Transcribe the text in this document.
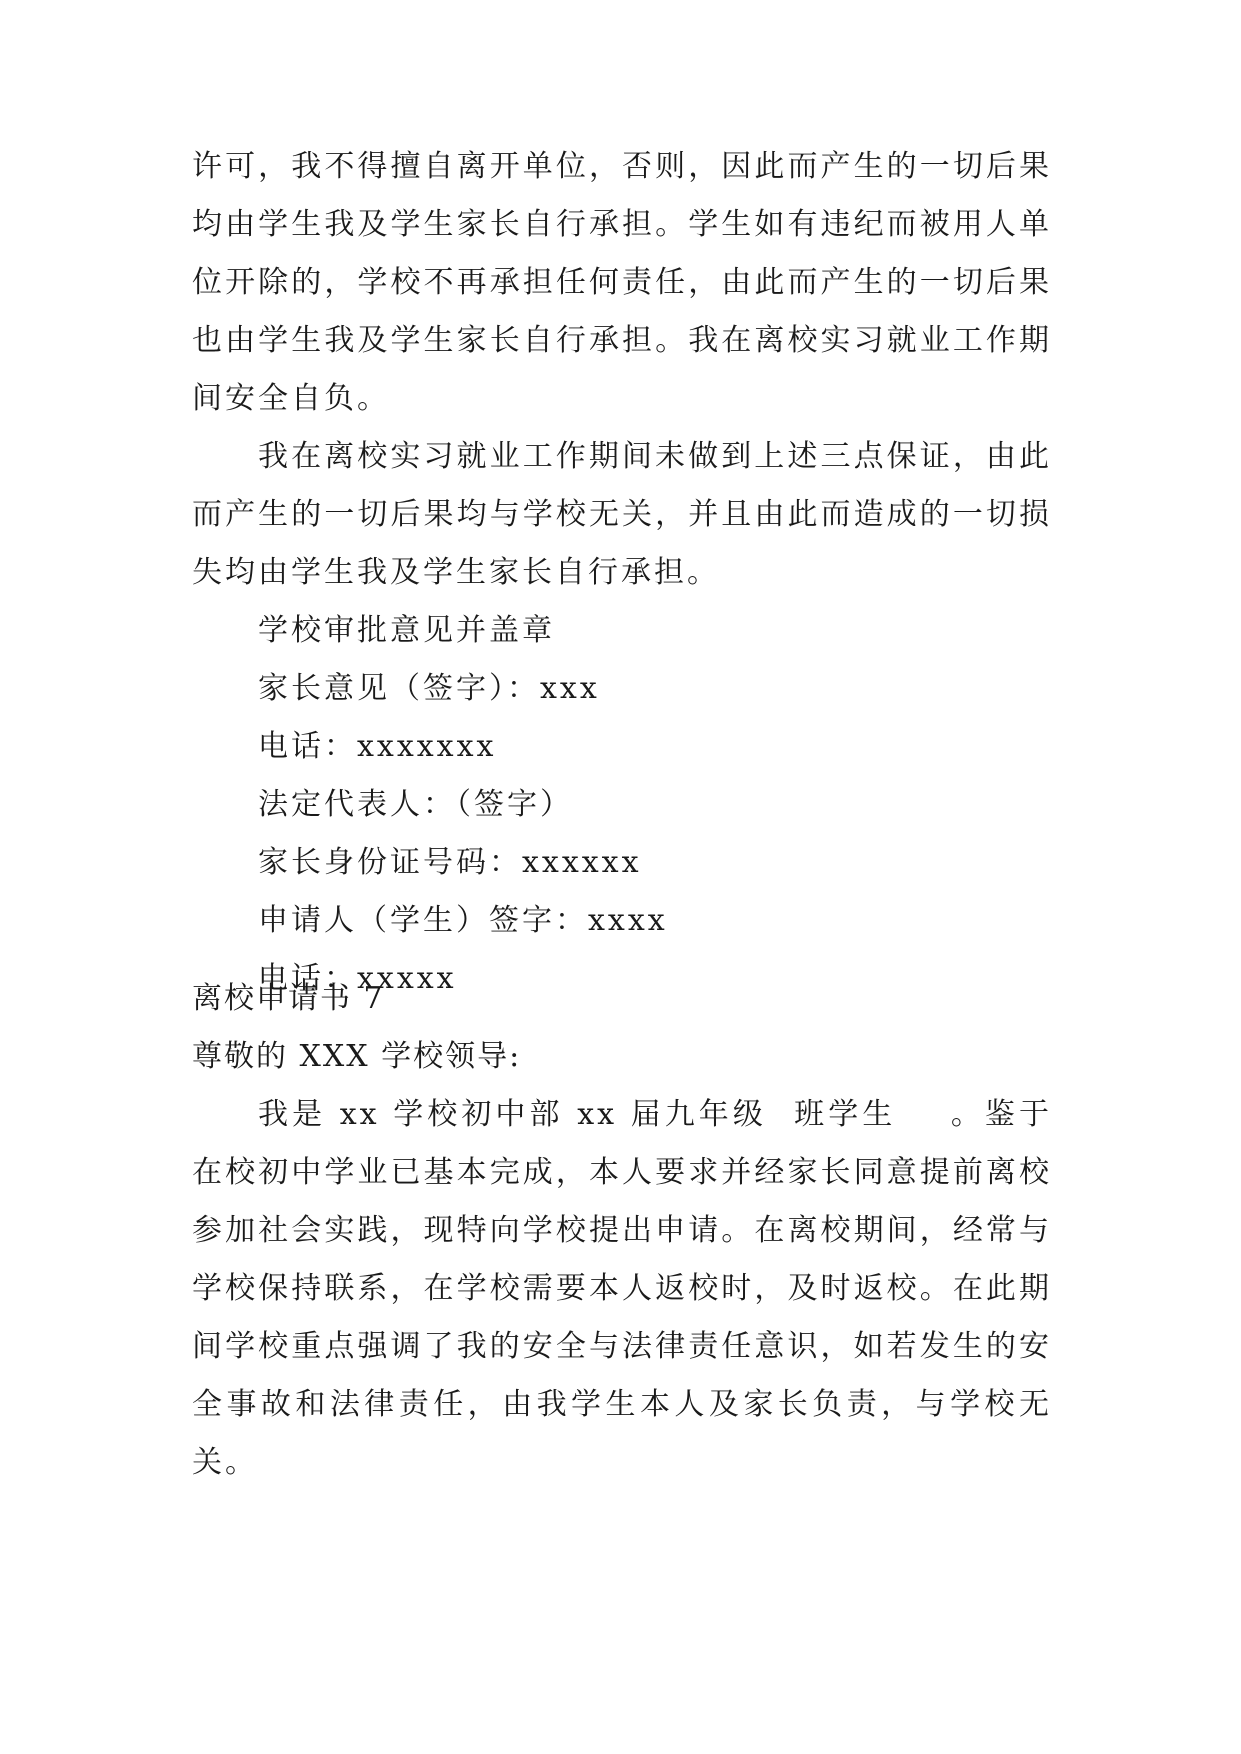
许可，我不得擅自离开单位，否则，因此而产生的一切后果均由学生我及学生家长自行承担。学生如有违纪而被用人单位开除的，学校不再承担任何责任，由此而产生的一切后果也由学生我及学生家长自行承担。我在离校实习就业工作期间安全自负。

我在离校实习就业工作期间未做到上述三点保证，由此而产生的一切后果均与学校无关，并且由此而造成的一切损失均由学生我及学生家长自行承担。

学校审批意见并盖章
家长意见（签字）：xxx
电话：xxxxxxx
法定代表人：（签字）
家长身份证号码：xxxxxx
申请人（学生）签字：xxxx
电话：xxxxx
离校申请书 7
尊敬的 XXX 学校领导:

我是 xx 学校初中部 xx 届九年级  班学生    。鉴于在校初中学业已基本完成，本人要求并经家长同意提前离校参加社会实践，现特向学校提出申请。在离校期间，经常与学校保持联系，在学校需要本人返校时，及时返校。在此期间学校重点强调了我的安全与法律责任意识，如若发生的安全事故和法律责任，由我学生本人及家长负责，与学校无关。
